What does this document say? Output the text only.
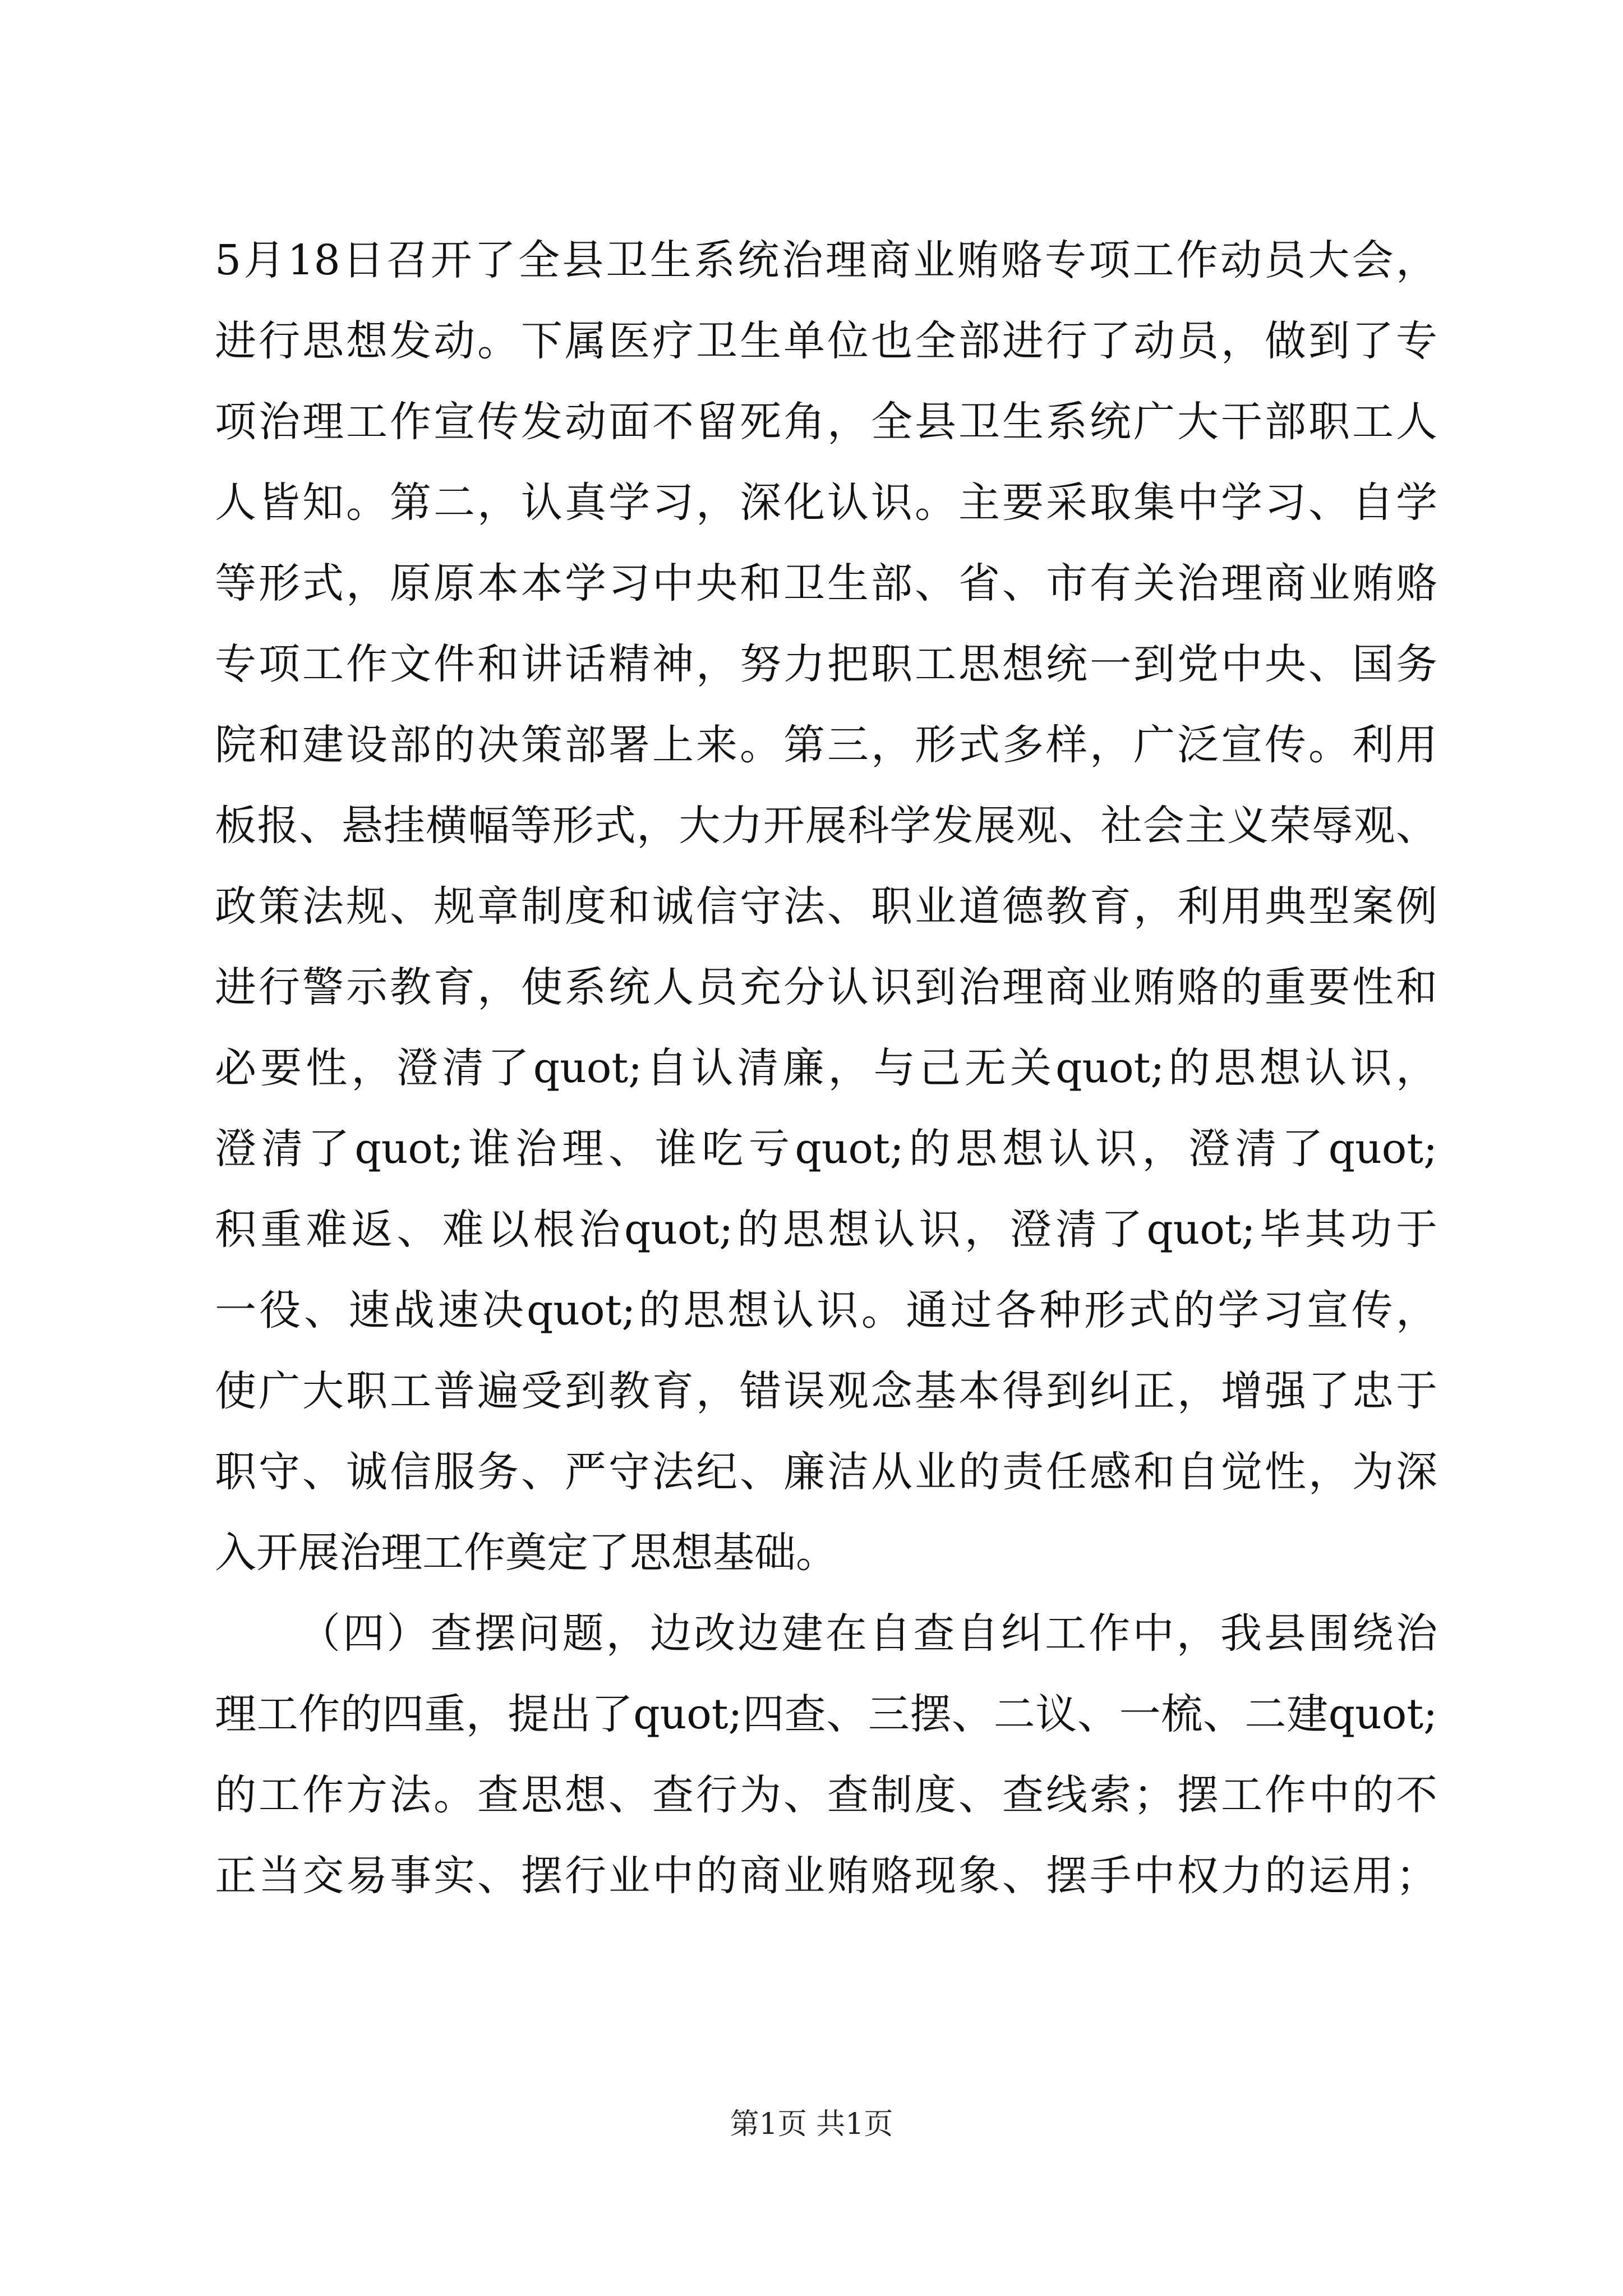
5月18日召开了全县卫生系统治理商业贿赂专项工作动员大会，
进行思想发动。下属医疗卫生单位也全部进行了动员，做到了专
项治理工作宣传发动面不留死角，全县卫生系统广大干部职工人
人皆知。第二，认真学习，深化认识。主要采取集中学习、自学
等形式，原原本本学习中央和卫生部、省、市有关治理商业贿赂
专项工作文件和讲话精神，努力把职工思想统一到党中央、国务
院和建设部的决策部署上来。第三，形式多样，广泛宣传。利用
板报、悬挂横幅等形式，大力开展科学发展观、社会主义荣辱观、
政策法规、规章制度和诚信守法、职业道德教育，利用典型案例
进行警示教育，使系统人员充分认识到治理商业贿赂的重要性和
必要性，澄清了quot;自认清廉，与己无关quot;的思想认识，
澄清了quot;谁治理、谁吃亏quot;的思想认识，澄清了quot;
积重难返、难以根治quot;的思想认识，澄清了quot;毕其功于
一役、速战速决quot;的思想认识。通过各种形式的学习宣传，
使广大职工普遍受到教育，错误观念基本得到纠正，增强了忠于
职守、诚信服务、严守法纪、廉洁从业的责任感和自觉性，为深
入开展治理工作奠定了思想基础。
（四）查摆问题，边改边建在自查自纠工作中，我县围绕治
理工作的四重，提出了quot;四查、三摆、二议、一梳、二建quot;
的工作方法。查思想、查行为、查制度、查线索；摆工作中的不
正当交易事实、摆行业中的商业贿赂现象、摆手中权力的运用；
第1页 共1页
